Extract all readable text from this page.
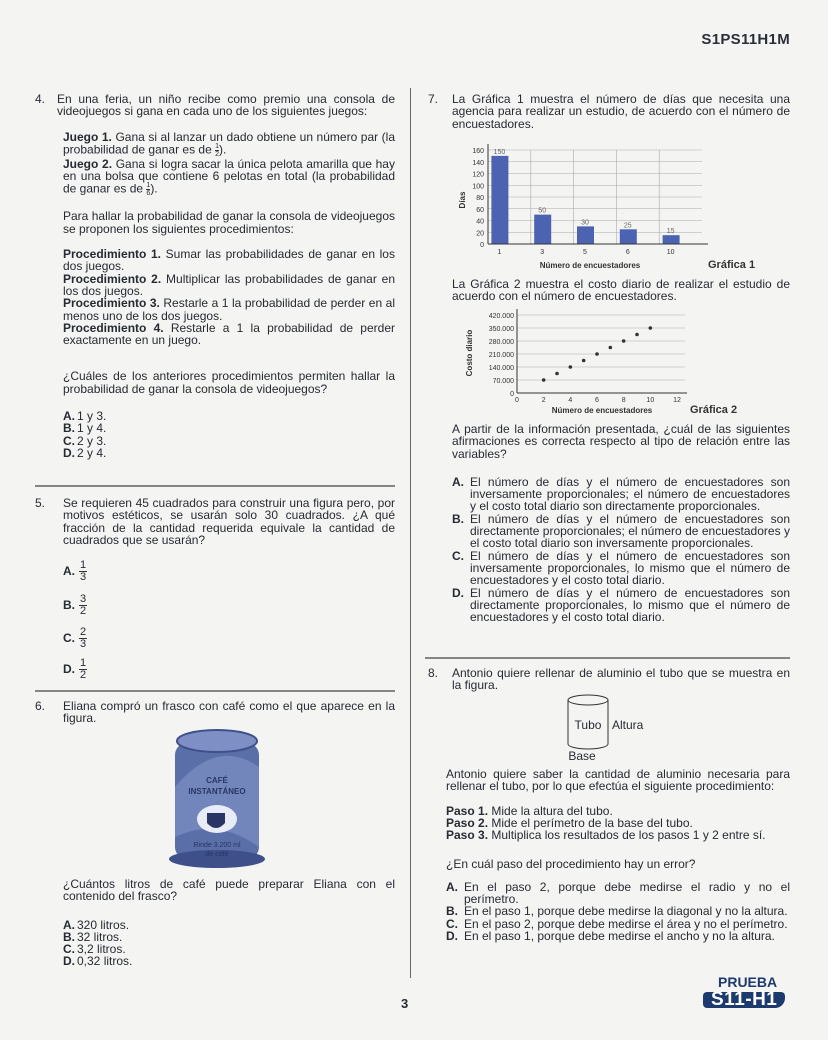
S1PS11H1M
4. En una feria, un niño recibe como premio una consola de videojuegos si gana en cada uno de los siguientes juegos:
Juego 1. Gana si al lanzar un dado obtiene un número par (la probabilidad de ganar es de $\frac{1}{2}$ ).
Juego 2. Gana si logra sacar la única pelota amarilla que hay en una bolsa que contiene 6 pelotas en total (la probabilidad de ganar es de $\frac{1}{6}$ ).
Para hallar la probabilidad de ganar la consola de videojuegos se proponen los siguientes procedimientos:
Procedimiento 1. Sumar las probabilidades de ganar en los dos juegos.
Procedimiento 2. Multiplicar las probabilidades de ganar en los dos juegos.
Procedimiento 3. Restarle a 1 la probabilidad de perder en al menos uno de los dos juegos.
Procedimiento 4. Restarle a 1 la probabilidad de perder exactamente en un juego.
¿Cuáles de los anteriores procedimientos permiten hallar la probabilidad de ganar la consola de videojuegos?
A. 1 y 3.
B. 1 y 4.
C. 2 y 3.
D. 2 y 4.
5.	Se requieren 45 cuadrados para construir una figura pero, por motivos estéticos, se usarán solo 30 cuadrados. ¿A qué fracción de la cantidad requerida equivale la cantidad de cuadrados que se usarán?
A. $\frac{1}{3}$
B. $\frac{3}{2}$
C. $\frac{2}{3}$
D. $\frac{1}{2}$
6.	Eliana compró un frasco con café como el que aparece en la figura.
CAFÉ
INSTANTÁNEO
Rinde 3.200 ml
de café
¿Cuántos litros de café puede preparar Eliana con el contenido del frasco?
A. 320 litros.
B. 32 litros.
C. 3,2 litros.
D. 0,32 litros.
7.	La Gráfica 1 muestra el número de días que necesita una agencia para realizar un estudio, de acuerdo con el número de encuestadores.
0
20
40
60
80
100
120
140
160 150
1
50
3
30
5
25
6
15
10
Número de encuestadores
Días
Gráfica 1
La Gráfica 2 muestra el costo diario de realizar el estudio de acuerdo con el número de encuestadores.
0
70.000
140.000
210.000
280.000
350.000
420.000
0	2	4	6	8	10	12
Número de encuestadores
Costo diario
Gráfica 2
A partir de la información presentada, ¿cuál de las siguientes afirmaciones es correcta respecto al tipo de relación entre las variables?
A. El número de días y el número de encuestadores son inversamente proporcionales; el número de encuestadores y el costo total diario son directamente proporcionales.
B. El número de días y el número de encuestadores son directamente proporcionales; el número de encuestadores y el costo total diario son inversamente proporcionales.
C. El número de días y el número de encuestadores son inversamente proporcionales, lo mismo que el número de encuestadores y el costo total diario.
D. El número de días y el número de encuestadores son directamente proporcionales, lo mismo que el número de encuestadores y el costo total diario.
8.	Antonio quiere rellenar de aluminio el tubo que se muestra en la figura.
Tubo Altura
Base
Antonio quiere saber la cantidad de aluminio necesaria para rellenar el tubo, por lo que efectúa el siguiente procedimiento:
Paso 1. Mide la altura del tubo.
Paso 2. Mide el perímetro de la base del tubo.
Paso 3. Multiplica los resultados de los pasos 1 y 2 entre sí.
¿En cuál paso del procedimiento hay un error?
A. En el paso 2, porque debe medirse el radio y no el perímetro.
B. En el paso 1, porque debe medirse la diagonal y no la altura.
C. En el paso 2, porque debe medirse el área y no el perímetro.
D. En el paso 1, porque debe medirse el ancho y no la altura.
PRUEBA
S11-H1
3
